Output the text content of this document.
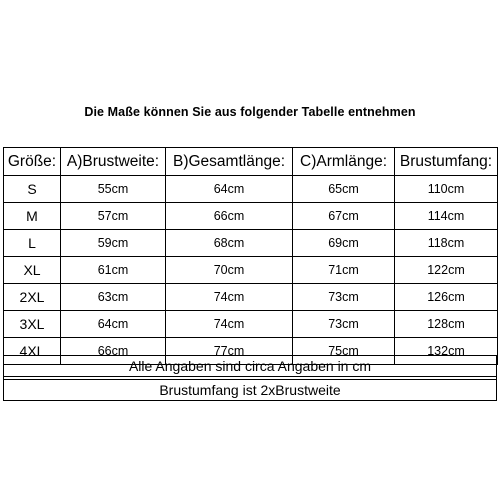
Die Maße können Sie aus folgender Tabelle entnehmen
Größe:	A)Brustweite:	B)Gesamtlänge:	C)Armlänge:	Brustumfang:
S	55cm	64cm	65cm	110cm
M	57cm	66cm	67cm	114cm
L	59cm	68cm	69cm	118cm
XL	61cm	70cm	71cm	122cm
2XL	63cm	74cm	73cm	126cm
3XL	64cm	74cm	73cm	128cm
4XL	66cm	77cm	75cm	132cm
Alle Angaben sind circa Angaben in cm

Brustumfang ist 2xBrustweite
